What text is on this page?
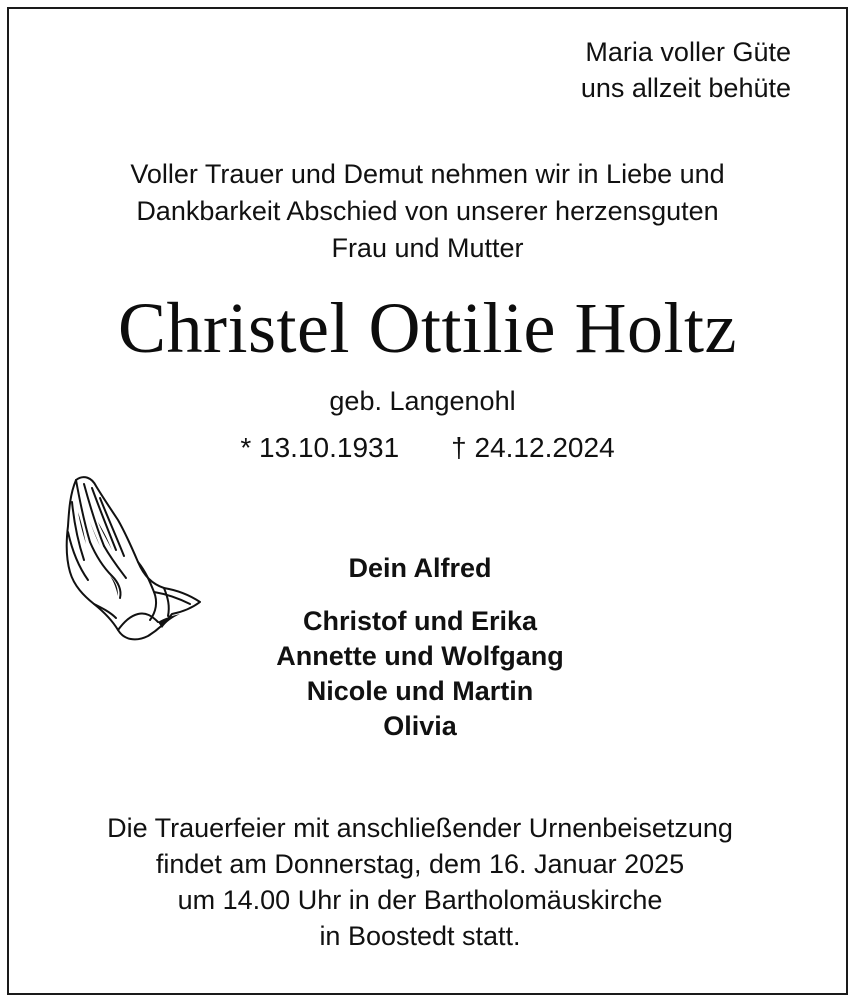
Maria voller Güte
uns allzeit behüte
Voller Trauer und Demut nehmen wir in Liebe und
Dankbarkeit Abschied von unserer herzensguten
Frau und Mutter
Christel Ottilie Holtz
geb. Langenohl
* 13.10.1931 † 24.12.2024
Dein Alfred
Christof und Erika
Annette und Wolfgang
Nicole und Martin
Olivia
Die Trauerfeier mit anschließender Urnenbeisetzung
findet am Donnerstag, dem 16. Januar 2025
um 14.00 Uhr in der Bartholomäuskirche
in Boostedt statt.
